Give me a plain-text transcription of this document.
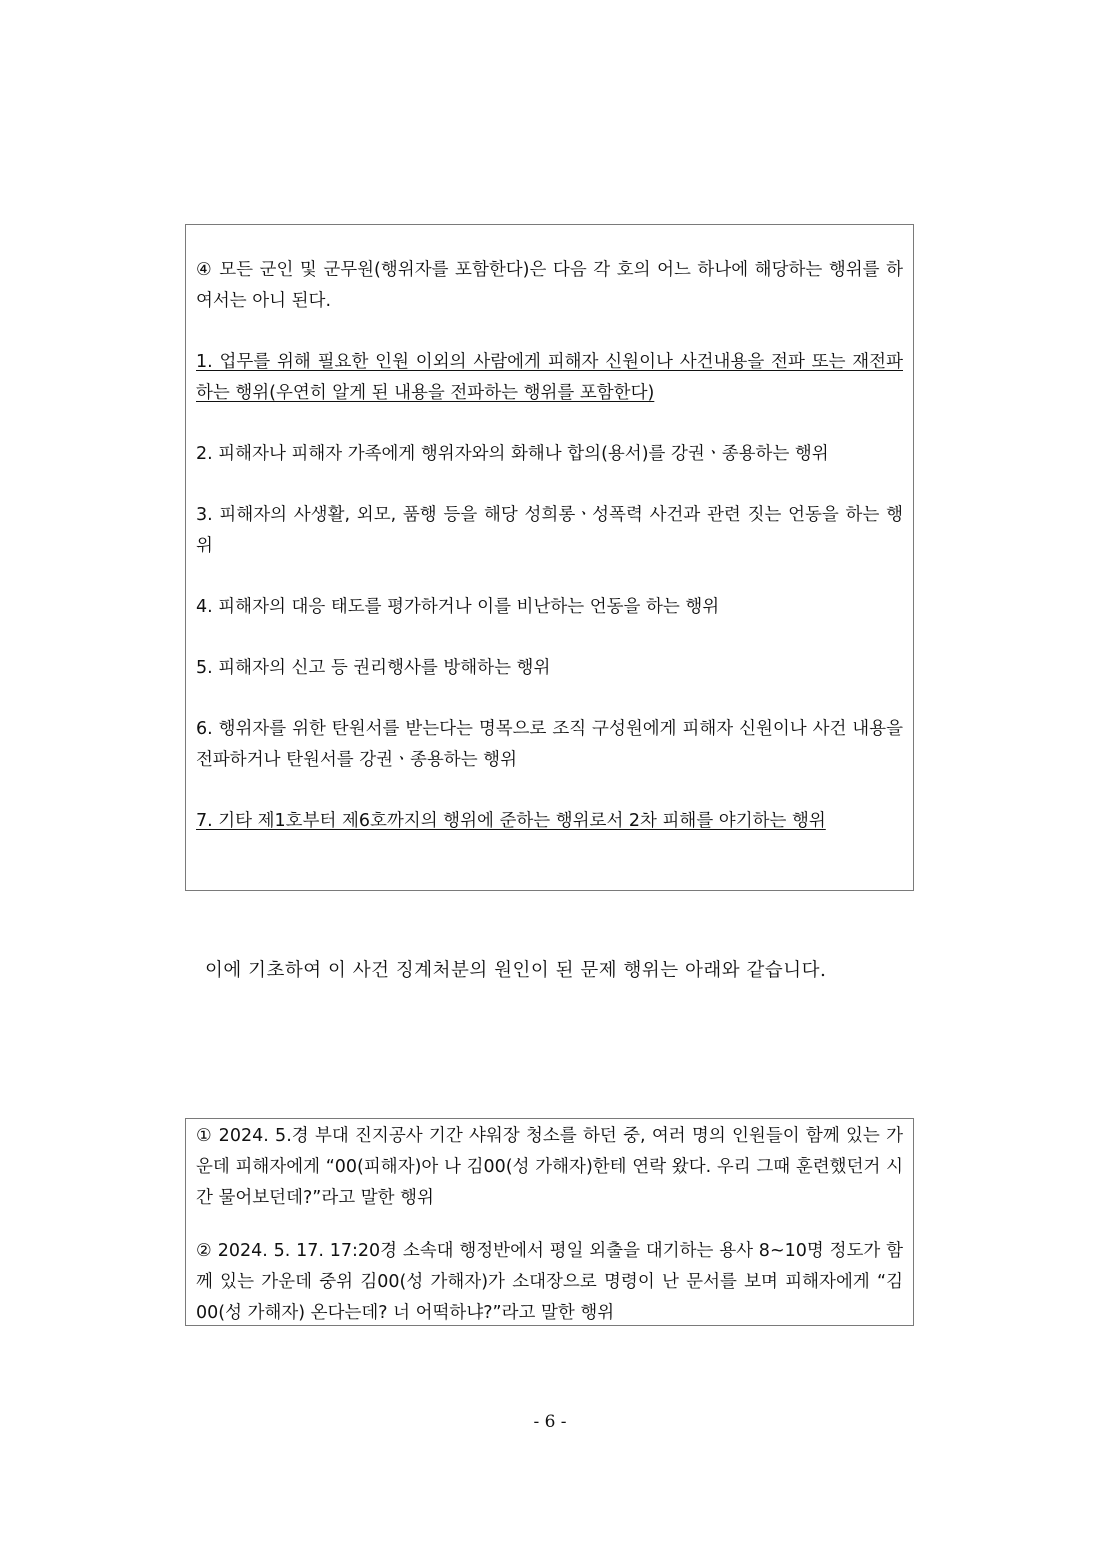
④ 모든 군인 및 군무원(행위자를 포함한다)은 다음 각 호의 어느 하나에 해당하는 행위를 하여서는 아니 된다.

1. 업무를 위해 필요한 인원 이외의 사람에게 피해자 신원이나 사건내용을 전파 또는 재전파 하는 행위(우연히 알게 된 내용을 전파하는 행위를 포함한다)

2. 피해자나 피해자 가족에게 행위자와의 화해나 합의(용서)를 강권ㆍ종용하는 행위

3. 피해자의 사생활, 외모, 품행 등을 해당 성희롱ㆍ성폭력 사건과 관련 짓는 언동을 하는 행위

4. 피해자의 대응 태도를 평가하거나 이를 비난하는 언동을 하는 행위

5. 피해자의 신고 등 권리행사를 방해하는 행위

6. 행위자를 위한 탄원서를 받는다는 명목으로 조직 구성원에게 피해자 신원이나 사건 내용을 전파하거나 탄원서를 강권ㆍ종용하는 행위

7. 기타 제1호부터 제6호까지의 행위에 준하는 행위로서 2차 피해를 야기하는 행위

이에 기초하여 이 사건 징계처분의 원인이 된 문제 행위는 아래와 같습니다.

① 2024. 5.경 부대 진지공사 기간 샤워장 청소를 하던 중, 여러 명의 인원들이 함께 있는 가운데 피해자에게 “00(피해자)아 나 김00(성 가해자)한테 연락 왔다. 우리 그때 훈련했던거 시간 물어보던데?”라고 말한 행위

② 2024. 5. 17. 17:20경 소속대 행정반에서 평일 외출을 대기하는 용사 8~10명 정도가 함께 있는 가운데 중위 김00(성 가해자)가 소대장으로 명령이 난 문서를 보며 피해자에게 “김00(성 가해자) 온다는데? 너 어떡하냐?”라고 말한 행위

- 6 -
